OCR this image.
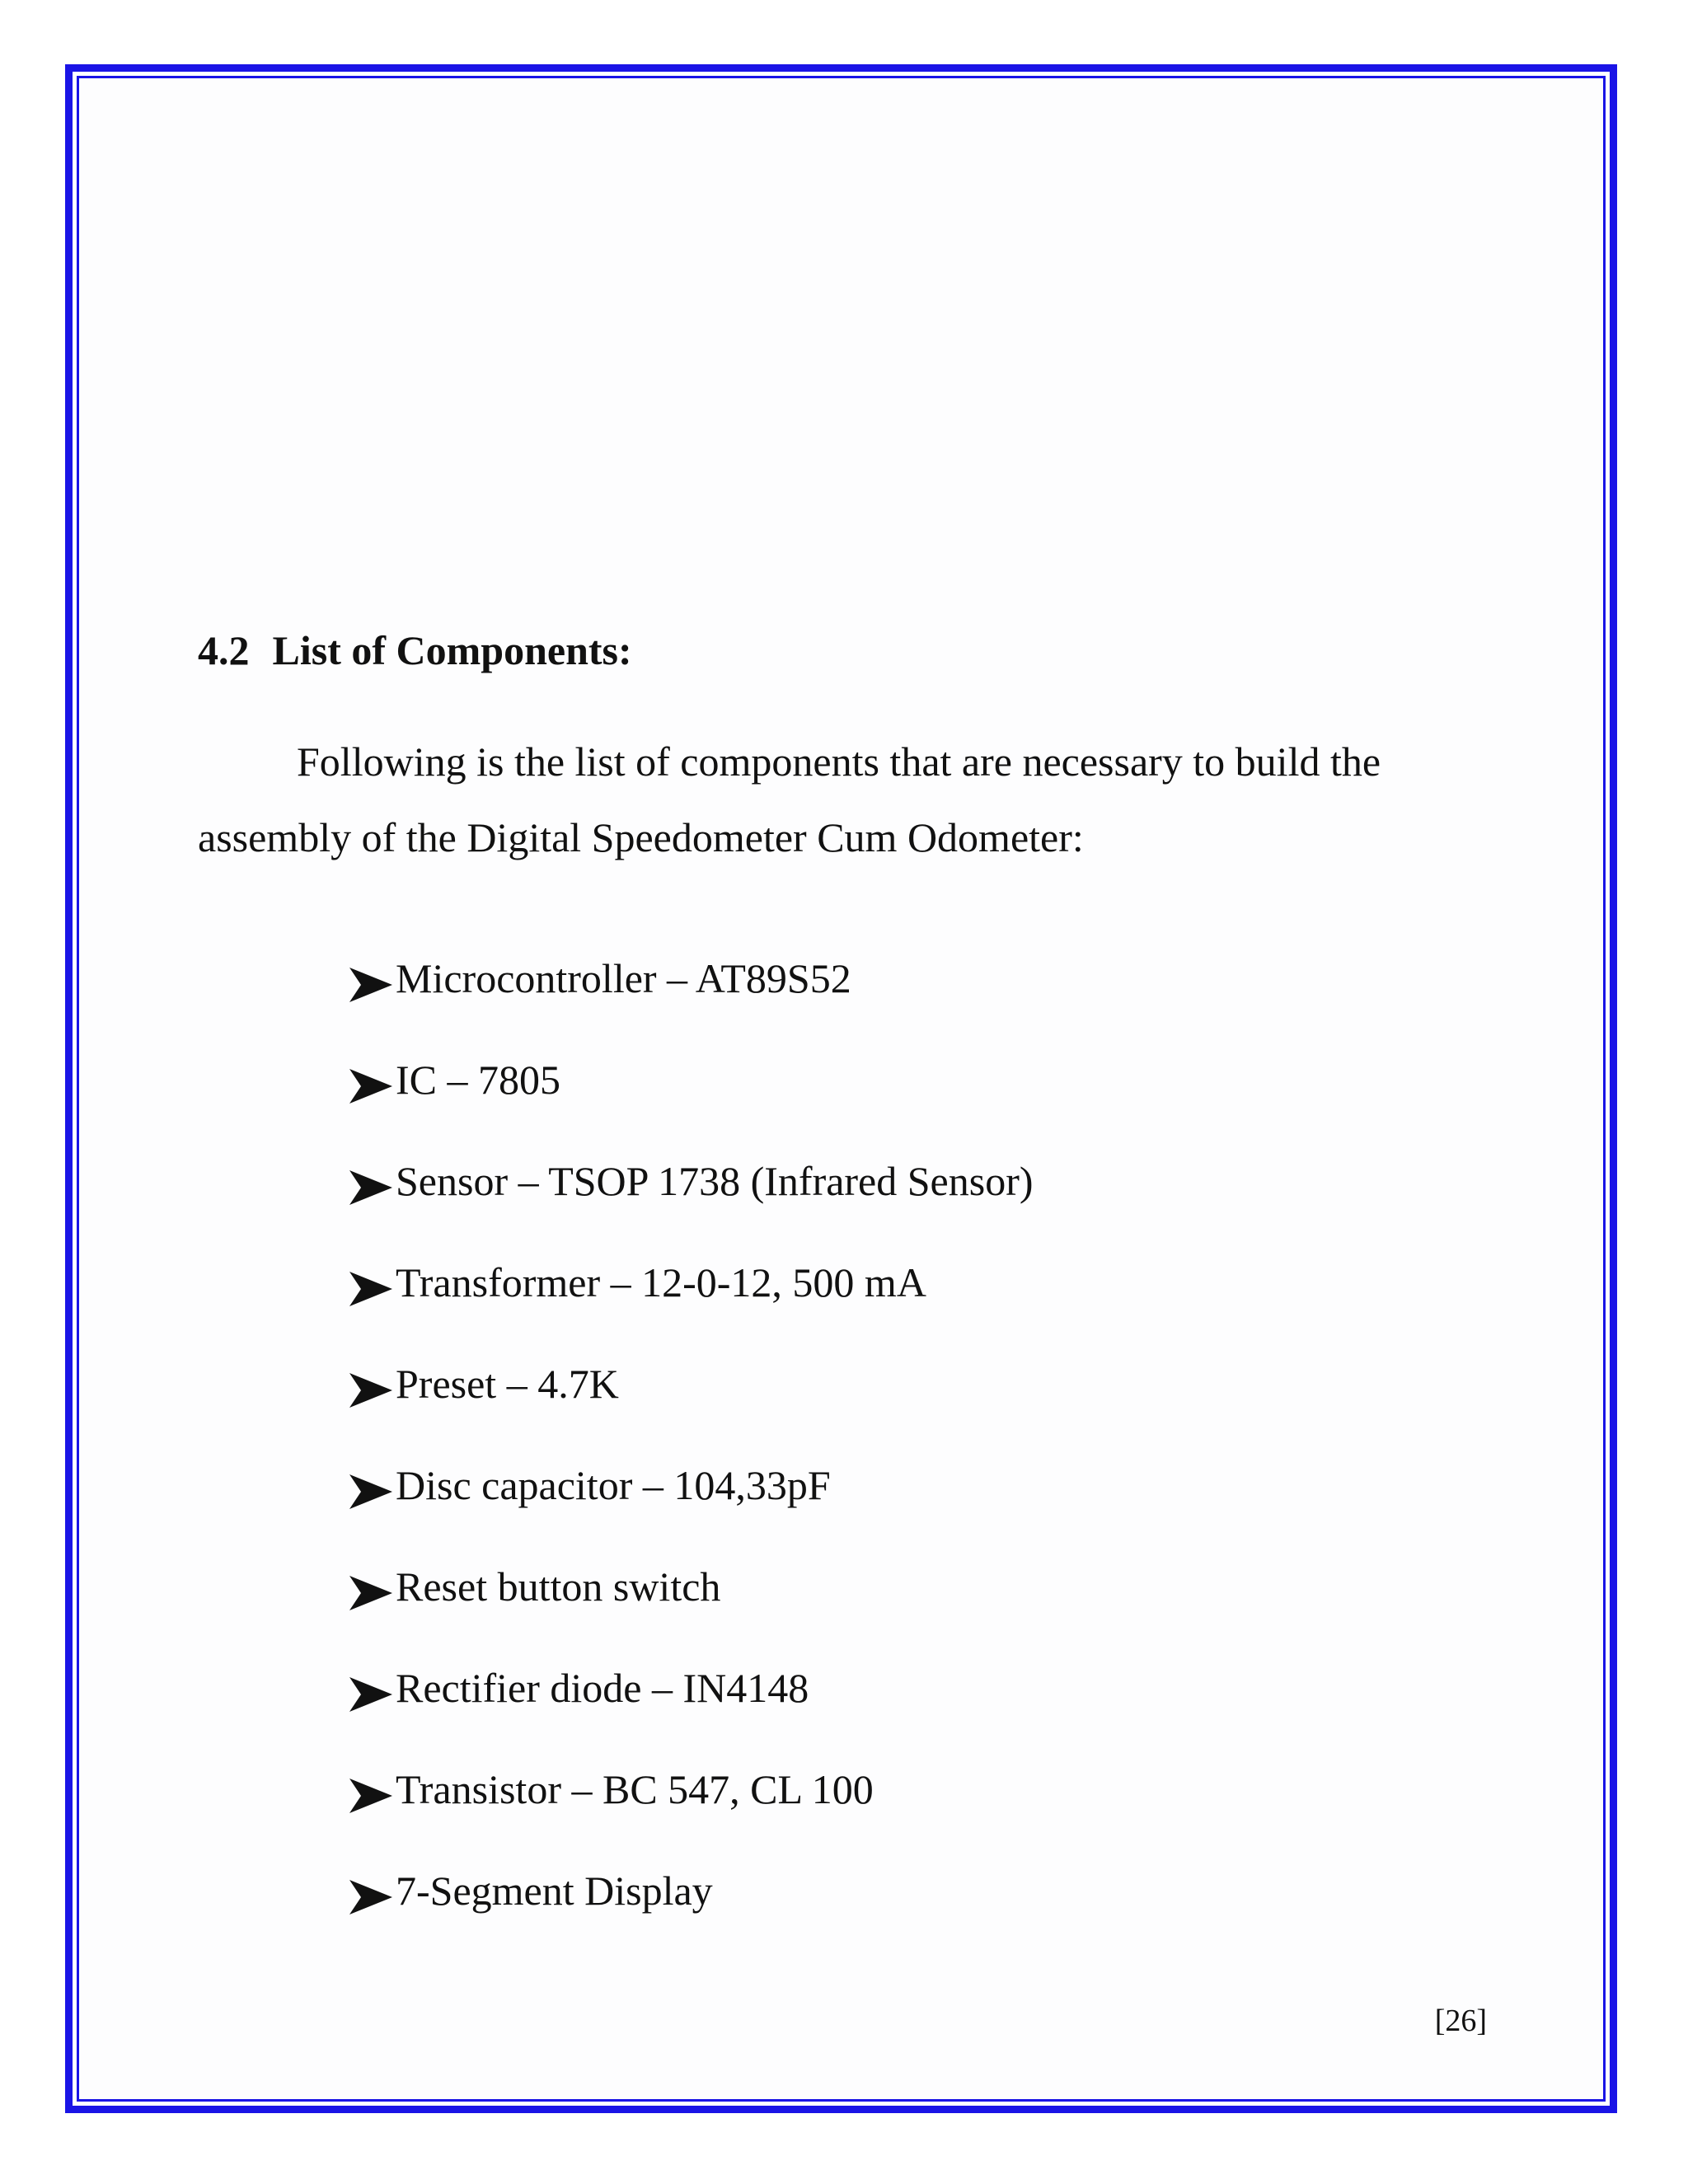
4.2 List of Components:

Following is the list of components that are necessary to build the
assembly of the Digital Speedometer Cum Odometer:

Microcontroller – AT89S52
IC – 7805
Sensor – TSOP 1738 (Infrared Sensor)
Transformer – 12-0-12, 500 mA
Preset – 4.7K
Disc capacitor – 104,33pF
Reset button switch
Rectifier diode – IN4148
Transistor – BC 547, CL 100
7-Segment Display

[26]
